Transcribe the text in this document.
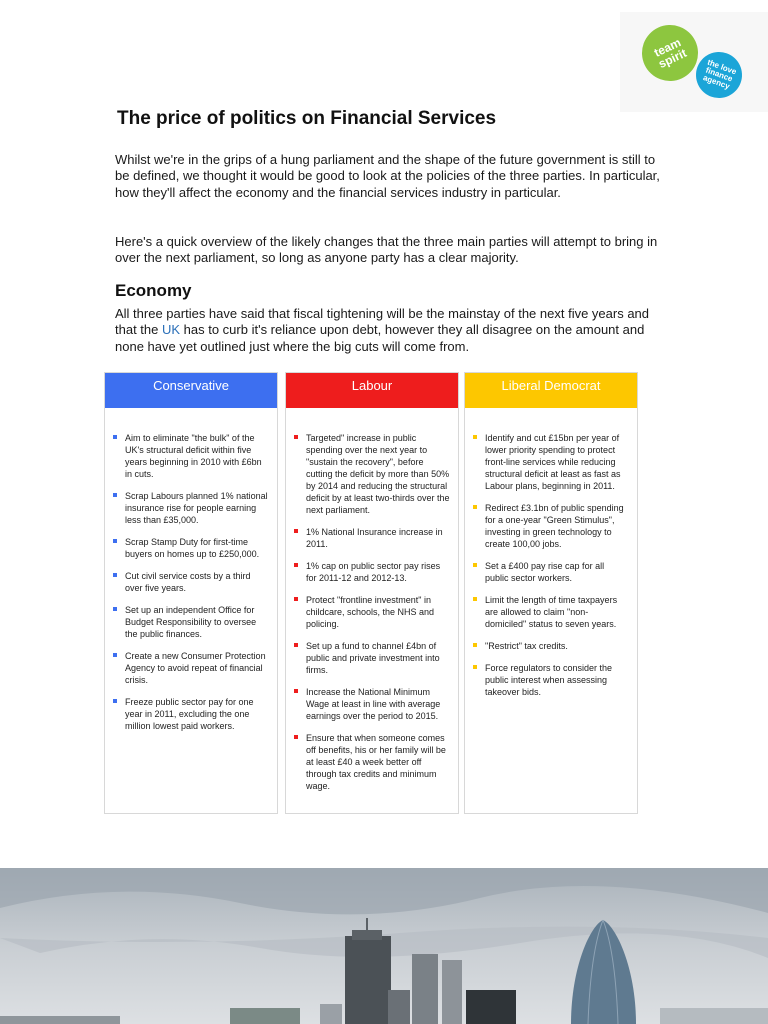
team spirit	the love finance agency
The price of politics on Financial Services

Whilst we're in the grips of a hung parliament and the shape of the future government is still to be defined, we thought it would be good to look at the policies of the three parties. In particular, how they'll affect the economy and the financial services industry in particular.

Here's a quick overview of the likely changes that the three main parties will attempt to bring in over the next parliament, so long as anyone party has a clear majority.

Economy

All three parties have said that fiscal tightening will be the mainstay of the next five years and that the UK has to curb it's reliance upon debt, however they all disagree on the amount and none have yet outlined just where the big cuts will come from.

Conservative
Aim to eliminate "the bulk" of the UK's structural deficit within five years beginning in 2010 with £6bn in cuts.
Scrap Labours planned 1% national insurance rise for people earning less than £35,000.
Scrap Stamp Duty for first-time buyers on homes up to £250,000.
Cut civil service costs by a third over five years.
Set up an independent Office for Budget Responsibility to oversee the public finances.
Create a new Consumer Protection Agency to avoid repeat of financial crisis.
Freeze public sector pay for one year in 2011, excluding the one million lowest paid workers.
Labour
Targeted" increase in public spending over the next year to "sustain the recovery", before cutting the deficit by more than 50% by 2014 and reducing the structural deficit by at least two-thirds over the next parliament.
1% National Insurance increase in 2011.
1% cap on public sector pay rises for 2011-12 and 2012-13.
Protect "frontline investment" in childcare, schools, the NHS and policing.
Set up a fund to channel £4bn of public and private investment into firms.
Increase the National Minimum Wage at least in line with average earnings over the period to 2015.
Ensure that when someone comes off benefits, his or her family will be at least £40 a week better off through tax credits and minimum wage.
Liberal Democrat
Identify and cut £15bn per year of lower priority spending to protect front-line services while reducing structural deficit at least as fast as Labour plans, beginning in 2011.
Redirect £3.1bn of public spending for a one-year "Green Stimulus", investing in green technology to create 100,00 jobs.
Set a £400 pay rise cap for all public sector workers.
Limit the length of time taxpayers are allowed to claim "non-domiciled" status to seven years.
"Restrict" tax credits.
Force regulators to consider the public interest when assessing takeover bids.
